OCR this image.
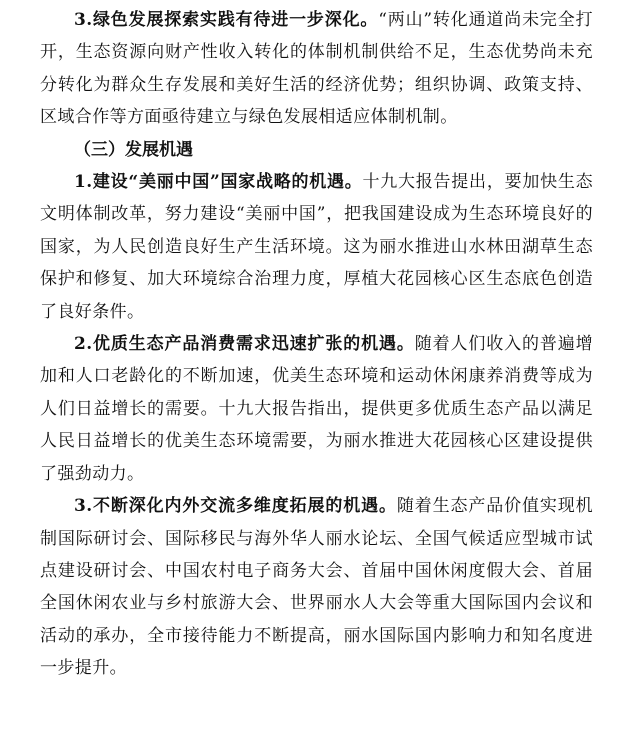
3.绿色发展探索实践有待进一步深化。“两山”转化通道尚未完全打开，生态资源向财产性收入转化的体制机制供给不足，生态优势尚未充分转化为群众生存发展和美好生活的经济优势；组织协调、政策支持、区域合作等方面亟待建立与绿色发展相适应体制机制。

（三）发展机遇

1.建设“美丽中国”国家战略的机遇。十九大报告提出，要加快生态文明体制改革，努力建设“美丽中国”，把我国建设成为生态环境良好的国家，为人民创造良好生产生活环境。这为丽水推进山水林田湖草生态保护和修复、加大环境综合治理力度，厚植大花园核心区生态底色创造了良好条件。

2.优质生态产品消费需求迅速扩张的机遇。随着人们收入的普遍增加和人口老龄化的不断加速，优美生态环境和运动休闲康养消费等成为人们日益增长的需要。十九大报告指出，提供更多优质生态产品以满足人民日益增长的优美生态环境需要，为丽水推进大花园核心区建设提供了强劲动力。

3.不断深化内外交流多维度拓展的机遇。随着生态产品价值实现机制国际研讨会、国际移民与海外华人丽水论坛、全国气候适应型城市试点建设研讨会、中国农村电子商务大会、首届中国休闲度假大会、首届全国休闲农业与乡村旅游大会、世界丽水人大会等重大国际国内会议和活动的承办，全市接待能力不断提高，丽水国际国内影响力和知名度进一步提升。
